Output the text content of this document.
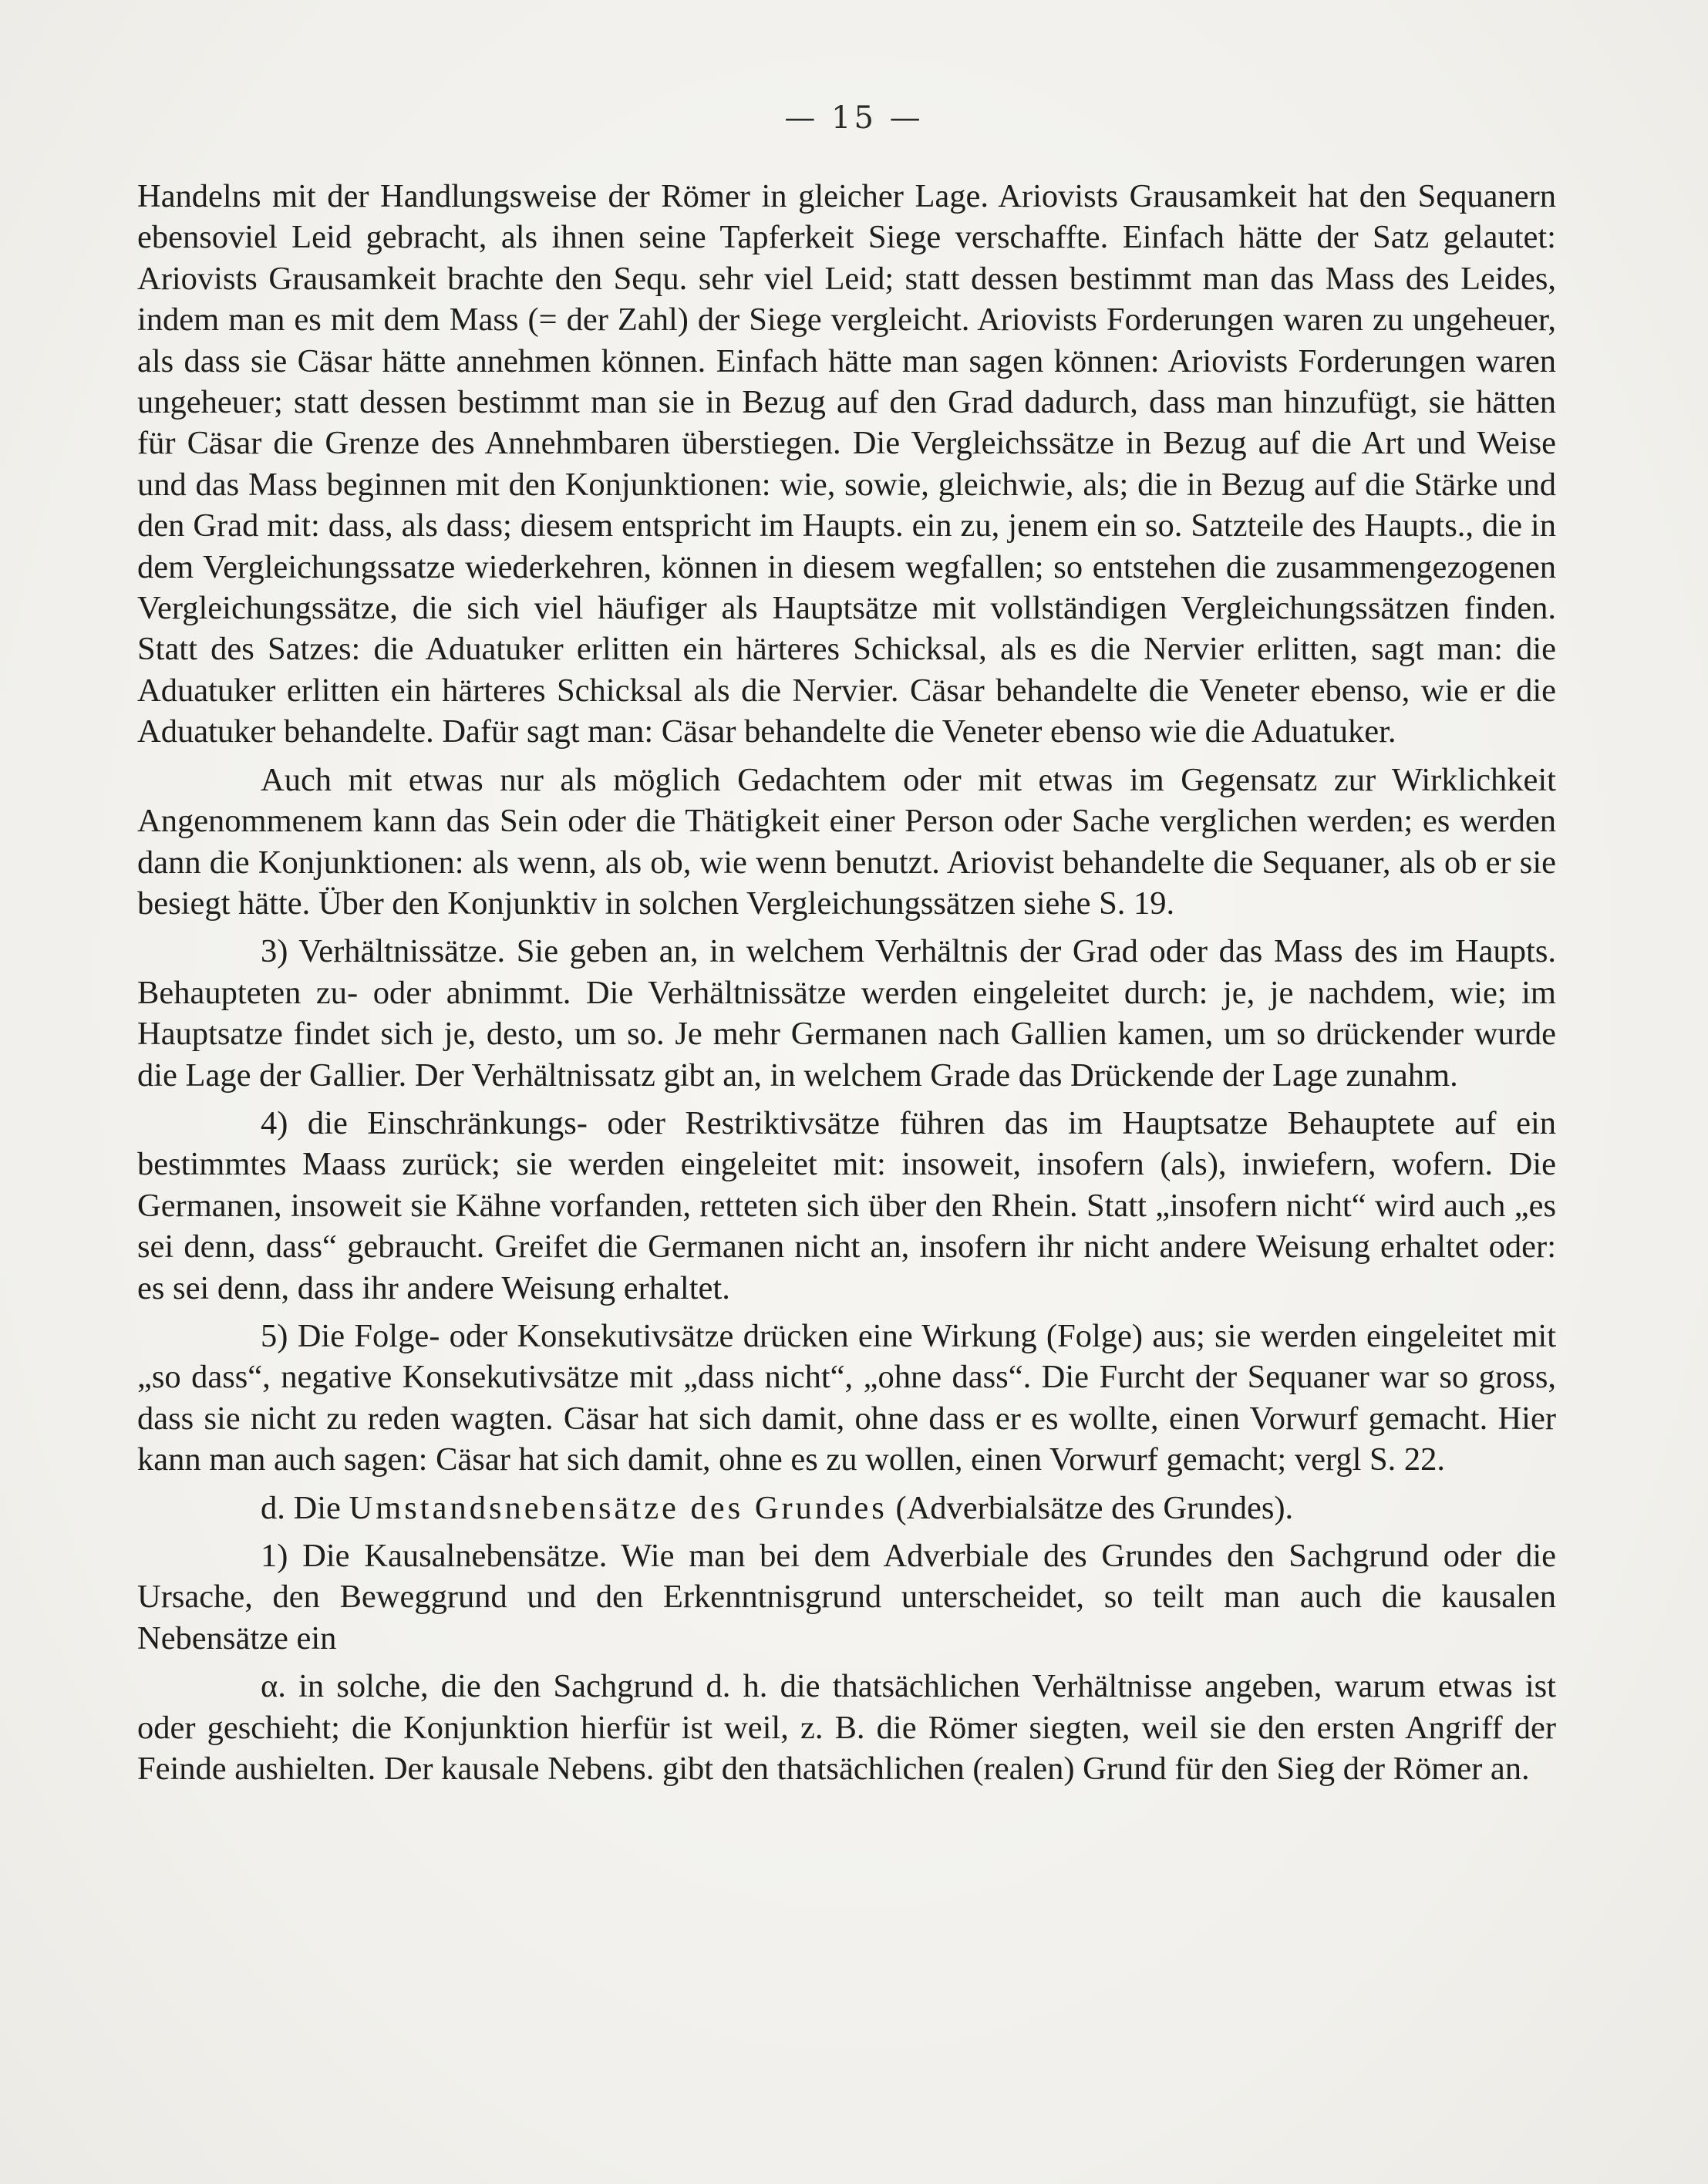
— 15 —

Handelns mit der Handlungsweise der Römer in gleicher Lage. Ariovists Grausamkeit hat den Sequanern ebensoviel Leid gebracht, als ihnen seine Tapferkeit Siege verschaffte. Einfach hätte der Satz gelautet: Ariovists Grausamkeit brachte den Sequ. sehr viel Leid; statt dessen bestimmt man das Mass des Leides, indem man es mit dem Mass (= der Zahl) der Siege vergleicht. Ariovists Forderungen waren zu ungeheuer, als dass sie Cäsar hätte annehmen können. Einfach hätte man sagen können: Ariovists Forderungen waren ungeheuer; statt dessen bestimmt man sie in Bezug auf den Grad dadurch, dass man hinzufügt, sie hätten für Cäsar die Grenze des Annehmbaren überstiegen. Die Vergleichssätze in Bezug auf die Art und Weise und das Mass beginnen mit den Konjunktionen: wie, sowie, gleichwie, als; die in Bezug auf die Stärke und den Grad mit: dass, als dass; diesem entspricht im Haupts. ein zu, jenem ein so. Satzteile des Haupts., die in dem Vergleichungssatze wiederkehren, können in diesem wegfallen; so entstehen die zusammengezogenen Vergleichungssätze, die sich viel häufiger als Hauptsätze mit vollständigen Vergleichungssätzen finden. Statt des Satzes: die Aduatuker erlitten ein härteres Schicksal, als es die Nervier erlitten, sagt man: die Aduatuker erlitten ein härteres Schicksal als die Nervier. Cäsar behandelte die Veneter ebenso, wie er die Aduatuker behandelte. Dafür sagt man: Cäsar behandelte die Veneter ebenso wie die Aduatuker.

Auch mit etwas nur als möglich Gedachtem oder mit etwas im Gegensatz zur Wirklichkeit Angenommenem kann das Sein oder die Thätigkeit einer Person oder Sache verglichen werden; es werden dann die Konjunktionen: als wenn, als ob, wie wenn benutzt. Ariovist behandelte die Sequaner, als ob er sie besiegt hätte. Über den Konjunktiv in solchen Vergleichungssätzen siehe S. 19.

3) Verhältnissätze. Sie geben an, in welchem Verhältnis der Grad oder das Mass des im Haupts. Behaupteten zu- oder abnimmt. Die Verhältnissätze werden eingeleitet durch: je, je nachdem, wie; im Hauptsatze findet sich je, desto, um so. Je mehr Germanen nach Gallien kamen, um so drückender wurde die Lage der Gallier. Der Verhältnissatz gibt an, in welchem Grade das Drückende der Lage zunahm.

4) die Einschränkungs- oder Restriktivsätze führen das im Hauptsatze Behauptete auf ein bestimmtes Maass zurück; sie werden eingeleitet mit: insoweit, insofern (als), inwiefern, wofern. Die Germanen, insoweit sie Kähne vorfanden, retteten sich über den Rhein. Statt „insofern nicht“ wird auch „es sei denn, dass“ gebraucht. Greifet die Germanen nicht an, insofern ihr nicht andere Weisung erhaltet oder: es sei denn, dass ihr andere Weisung erhaltet.

5) Die Folge- oder Konsekutivsätze drücken eine Wirkung (Folge) aus; sie werden eingeleitet mit „so dass“, negative Konsekutivsätze mit „dass nicht“, „ohne dass“. Die Furcht der Sequaner war so gross, dass sie nicht zu reden wagten. Cäsar hat sich damit, ohne dass er es wollte, einen Vorwurf gemacht. Hier kann man auch sagen: Cäsar hat sich damit, ohne es zu wollen, einen Vorwurf gemacht; vergl S. 22.

d. Die Umstandsnebensätze des Grundes (Adverbialsätze des Grundes).

1) Die Kausalnebensätze. Wie man bei dem Adverbiale des Grundes den Sachgrund oder die Ursache, den Beweggrund und den Erkenntnisgrund unterscheidet, so teilt man auch die kausalen Nebensätze ein

α. in solche, die den Sachgrund d. h. die thatsächlichen Verhältnisse angeben, warum etwas ist oder geschieht; die Konjunktion hierfür ist weil, z. B. die Römer siegten, weil sie den ersten Angriff der Feinde aushielten. Der kausale Nebens. gibt den thatsächlichen (realen) Grund für den Sieg der Römer an.
